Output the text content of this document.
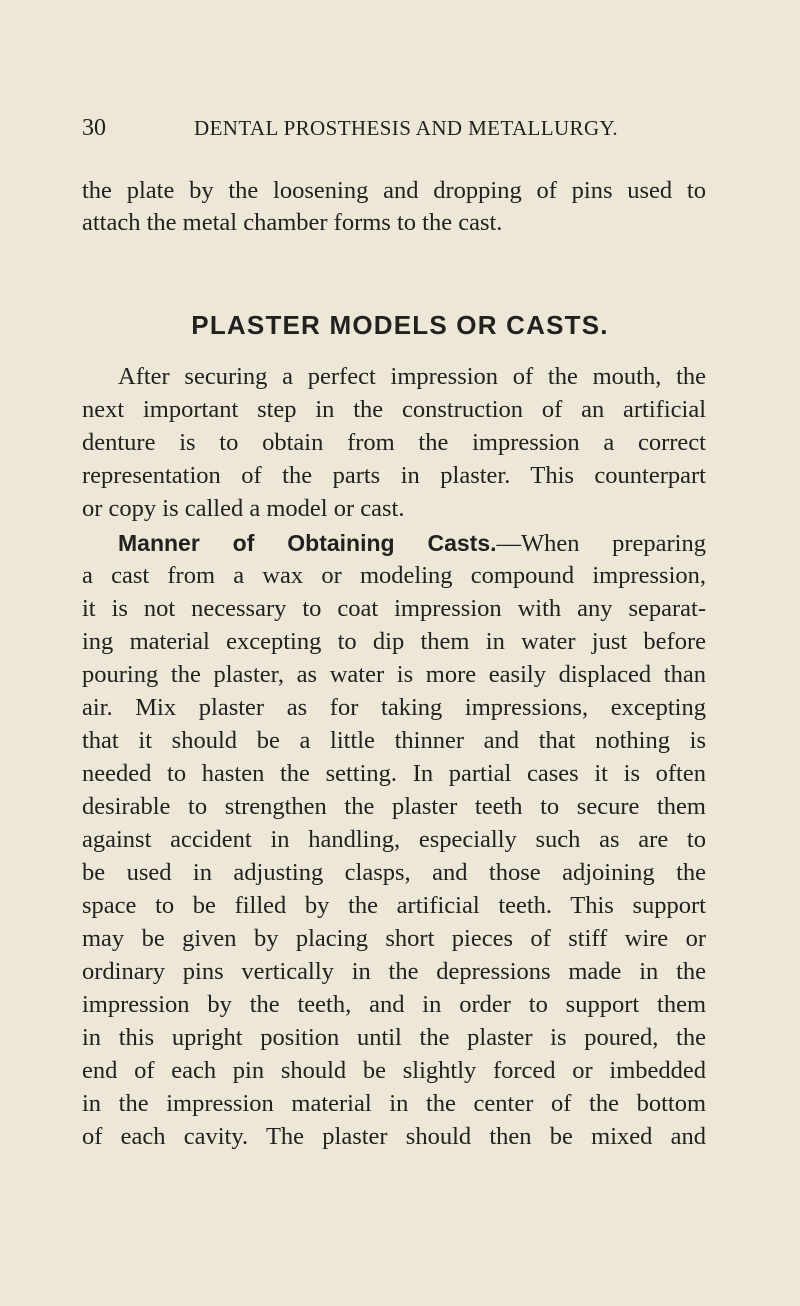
30	DENTAL PROSTHESIS AND METALLURGY.
the plate by the loosening and dropping of pins used to
attach the metal chamber forms to the cast.
PLASTER MODELS OR CASTS.
After securing a perfect impression of the mouth, the
next important step in the construction of an artificial
denture is to obtain from the impression a correct
representation of the parts in plaster. This counterpart
or copy is called a model or cast.
Manner of Obtaining Casts.—When preparing
a cast from a wax or modeling compound impression,
it is not necessary to coat impression with any separat-
ing material excepting to dip them in water just before
pouring the plaster, as water is more easily displaced than
air. Mix plaster as for taking impressions, excepting
that it should be a little thinner and that nothing is
needed to hasten the setting. In partial cases it is often
desirable to strengthen the plaster teeth to secure them
against accident in handling, especially such as are to
be used in adjusting clasps, and those adjoining the
space to be filled by the artificial teeth. This support
may be given by placing short pieces of stiff wire or
ordinary pins vertically in the depressions made in the
impression by the teeth, and in order to support them
in this upright position until the plaster is poured, the
end of each pin should be slightly forced or imbedded
in the impression material in the center of the bottom
of each cavity. The plaster should then be mixed and
